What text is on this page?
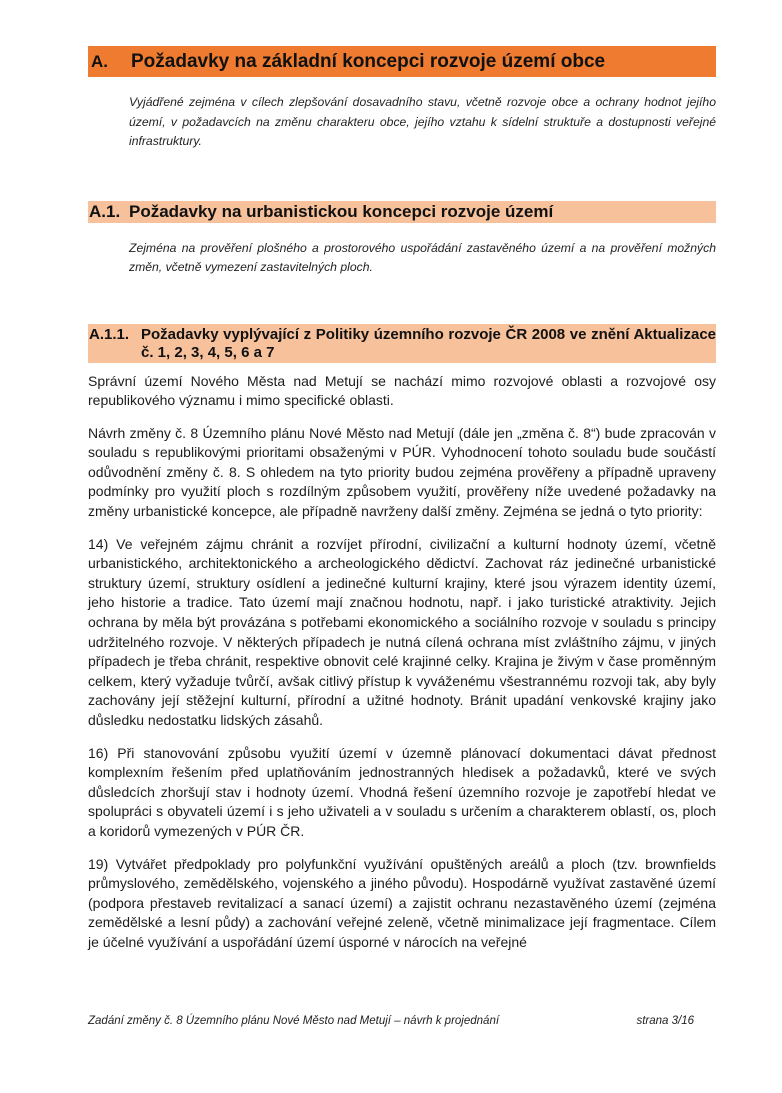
A.	Požadavky na základní koncepci rozvoje území obce
Vyjádřené zejména v cílech zlepšování dosavadního stavu, včetně rozvoje obce a ochrany hodnot jejího území, v požadavcích na změnu charakteru obce, jejího vztahu k sídelní struktuře a dostupnosti veřejné infrastruktury.
A.1. Požadavky na urbanistickou koncepci rozvoje území
Zejména na prověření plošného a prostorového uspořádání zastavěného území a na prověření možných změn, včetně vymezení zastavitelných ploch.
A.1.1. Požadavky vyplývající z Politiky územního rozvoje ČR 2008 ve znění Aktualizace č. 1, 2, 3, 4, 5, 6 a 7

Správní území Nového Města nad Metují se nachází mimo rozvojové oblasti a rozvojové osy republikového významu i mimo specifické oblasti.

Návrh změny č. 8 Územního plánu Nové Město nad Metují (dále jen „změna č. 8“) bude zpracován v souladu s republikovými prioritami obsaženými v PÚR. Vyhodnocení tohoto souladu bude součástí odůvodnění změny č. 8. S ohledem na tyto priority budou zejména prověřeny a případně upraveny podmínky pro využití ploch s rozdílným způsobem využití, prověřeny níže uvedené požadavky na změny urbanistické koncepce, ale případně navrženy další změny. Zejména se jedná o tyto priority:

14) Ve veřejném zájmu chránit a rozvíjet přírodní, civilizační a kulturní hodnoty území, včetně urbanistického, architektonického a archeologického dědictví. Zachovat ráz jedinečné urbanistické struktury území, struktury osídlení a jedinečné kulturní krajiny, které jsou výrazem identity území, jeho historie a tradice. Tato území mají značnou hodnotu, např. i jako turistické atraktivity. Jejich ochrana by měla být provázána s potřebami ekonomického a sociálního rozvoje v souladu s principy udržitelného rozvoje. V některých případech je nutná cílená ochrana míst zvláštního zájmu, v jiných případech je třeba chránit, respektive obnovit celé krajinné celky. Krajina je živým v čase proměnným celkem, který vyžaduje tvůrčí, avšak citlivý přístup k vyváženému všestrannému rozvoji tak, aby byly zachovány její stěžejní kulturní, přírodní a užitné hodnoty. Bránit upadání venkovské krajiny jako důsledku nedostatku lidských zásahů.

16) Při stanovování způsobu využití území v územně plánovací dokumentaci dávat přednost komplexním řešením před uplatňováním jednostranných hledisek a požadavků, které ve svých důsledcích zhoršují stav i hodnoty území. Vhodná řešení územního rozvoje je zapotřebí hledat ve spolupráci s obyvateli území i s jeho uživateli a v souladu s určením a charakterem oblastí, os, ploch a koridorů vymezených v PÚR ČR.

19) Vytvářet předpoklady pro polyfunkční využívání opuštěných areálů a ploch (tzv. brownfields průmyslového, zemědělského, vojenského a jiného původu). Hospodárně využívat zastavěné území (podpora přestaveb revitalizací a sanací území) a zajistit ochranu nezastavěného území (zejména zemědělské a lesní půdy) a zachování veřejné zeleně, včetně minimalizace její fragmentace. Cílem je účelné využívání a uspořádání území úsporné v nárocích na veřejné

Zadání změny č. 8 Územního plánu Nové Město nad Metují – návrh k projednání	strana 3/16
